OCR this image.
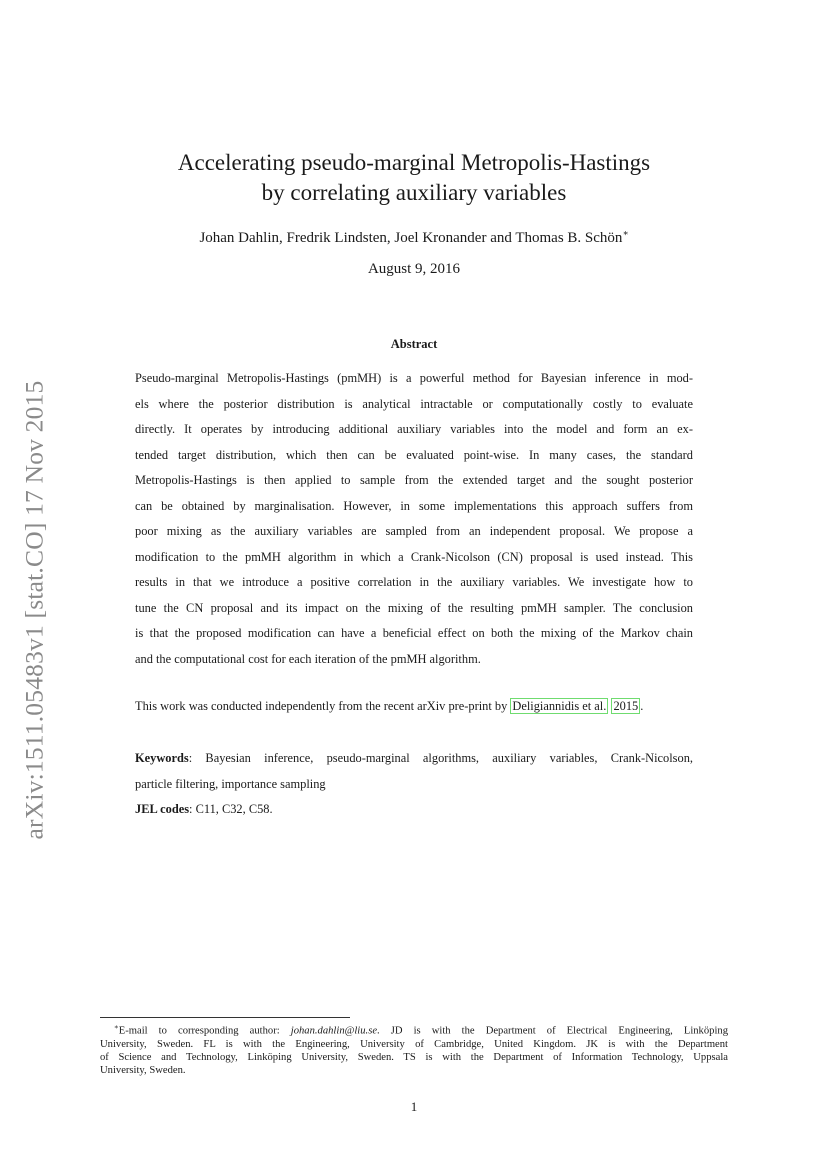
arXiv:1511.05483v1 [stat.CO] 17 Nov 2015
Accelerating pseudo-marginal Metropolis-Hastings
by correlating auxiliary variables
Johan Dahlin, Fredrik Lindsten, Joel Kronander and Thomas B. Schön∗
August 9, 2016
Abstract
Pseudo-marginal Metropolis-Hastings (pmMH) is a powerful method for Bayesian inference in mod-
els where the posterior distribution is analytical intractable or computationally costly to evaluate
directly. It operates by introducing additional auxiliary variables into the model and form an ex-
tended target distribution, which then can be evaluated point-wise. In many cases, the standard
Metropolis-Hastings is then applied to sample from the extended target and the sought posterior
can be obtained by marginalisation. However, in some implementations this approach suffers from
poor mixing as the auxiliary variables are sampled from an independent proposal. We propose a
modification to the pmMH algorithm in which a Crank-Nicolson (CN) proposal is used instead. This
results in that we introduce a positive correlation in the auxiliary variables. We investigate how to
tune the CN proposal and its impact on the mixing of the resulting pmMH sampler. The conclusion
is that the proposed modification can have a beneficial effect on both the mixing of the Markov chain
and the computational cost for each iteration of the pmMH algorithm.
This work was conducted independently from the recent arXiv pre-print by Deligiannidis et al. 2015 .
Keywords: Bayesian inference, pseudo-marginal algorithms, auxiliary variables, Crank-Nicolson,
particle filtering, importance sampling
JEL codes: C11, C32, C58.
∗E-mail to corresponding author: johan.dahlin@liu.se. JD is with the Department of Electrical Engineering, Linköping
University, Sweden. FL is with the Engineering, University of Cambridge, United Kingdom. JK is with the Department
of Science and Technology, Linköping University, Sweden. TS is with the Department of Information Technology, Uppsala
University, Sweden.
1
